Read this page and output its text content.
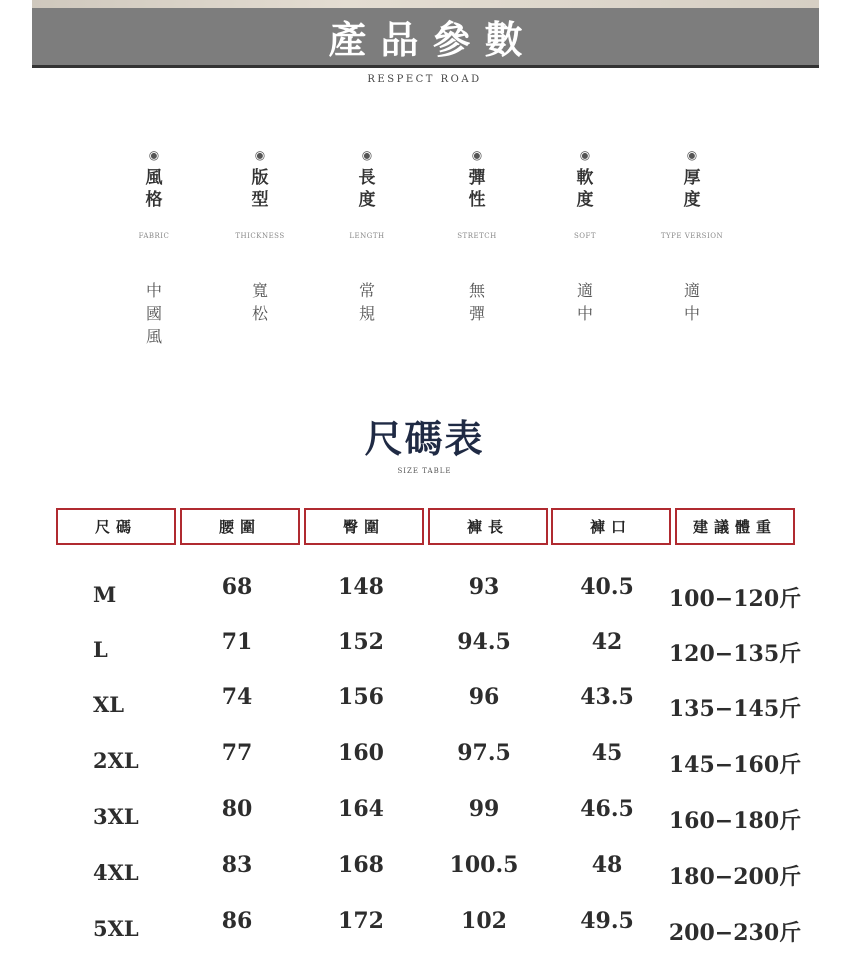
產品參數
RESPECT ROAD
◉
風
格
FABRIC
中
國
風
◉
版
型
THICKNESS
寬
松
◉
長
度
LENGTH
常
規
◉
彈
性
STRETCH
無
彈
◉
軟
度
SOFT
適
中
◉
厚
度
TYPE VERSION
適
中
尺碼表
SIZE TABLE
尺碼	腰圍	臀圍	褲長	褲口	建議體重
M	68	148	93	40.5	100−120斤
L	71	152	94.5	42	120−135斤
XL	74	156	96	43.5	135−145斤
2XL	77	160	97.5	45	145−160斤
3XL	80	164	99	46.5	160−180斤
4XL	83	168	100.5	48	180−200斤
5XL	86	172	102	49.5	200−230斤
